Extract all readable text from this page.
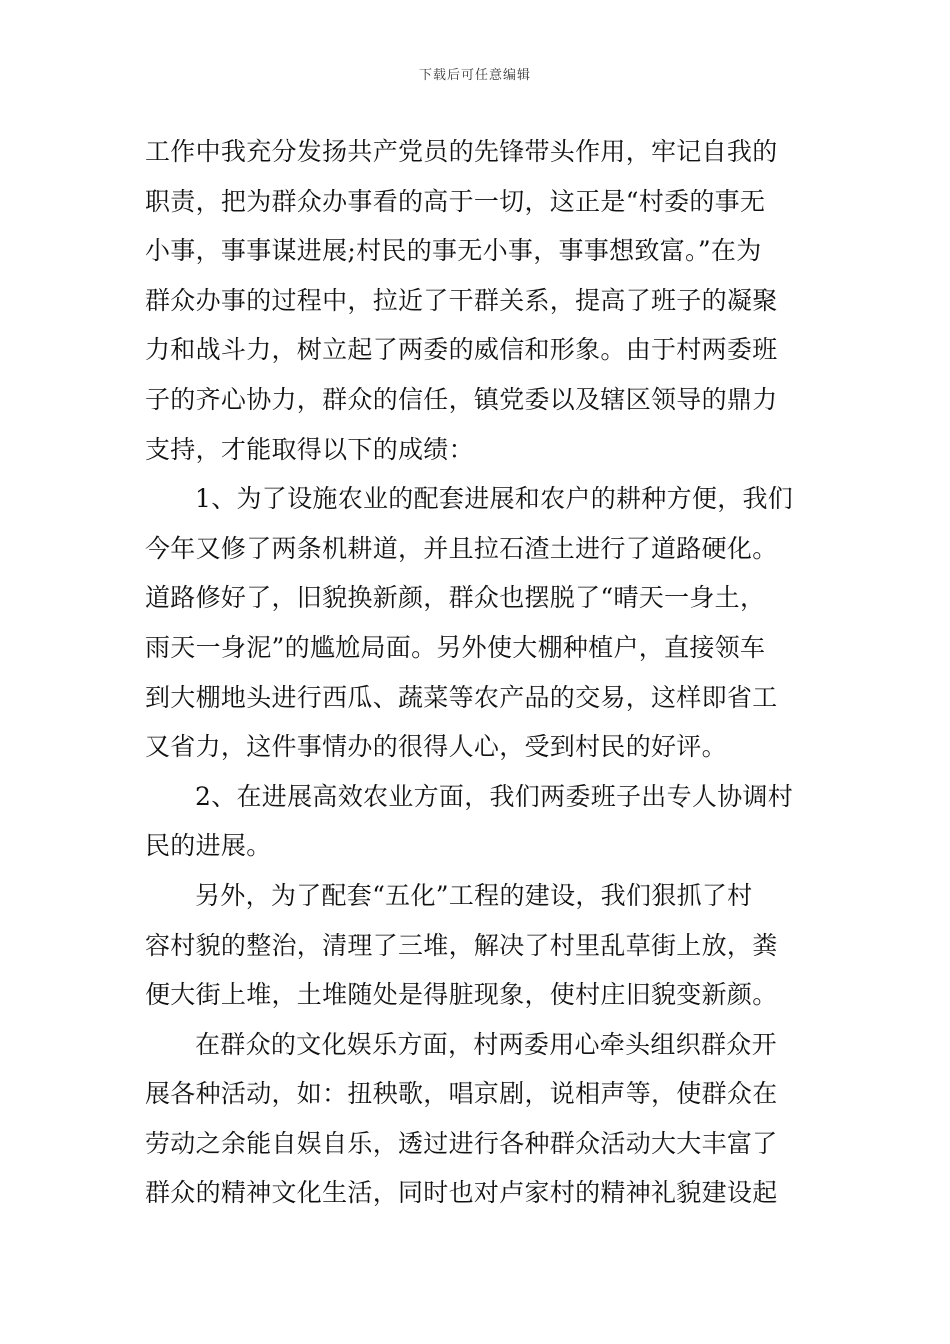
下载后可任意编辑
工作中我充分发扬共产党员的先锋带头作用，牢记自我的
职责，把为群众办事看的高于一切，这正是“村委的事无
小事，事事谋进展;村民的事无小事，事事想致富。”在为
群众办事的过程中，拉近了干群关系，提高了班子的凝聚
力和战斗力，树立起了两委的威信和形象。由于村两委班
子的齐心协力，群众的信任，镇党委以及辖区领导的鼎力
支持，才能取得以下的成绩：
1、为了设施农业的配套进展和农户的耕种方便，我们
今年又修了两条机耕道，并且拉石渣土进行了道路硬化。
道路修好了，旧貌换新颜，群众也摆脱了“晴天一身土，
雨天一身泥”的尴尬局面。另外使大棚种植户，直接领车
到大棚地头进行西瓜、蔬菜等农产品的交易，这样即省工
又省力，这件事情办的很得人心，受到村民的好评。
2、在进展高效农业方面，我们两委班子出专人协调村
民的进展。
另外，为了配套“五化”工程的建设，我们狠抓了村
容村貌的整治，清理了三堆，解决了村里乱草街上放，粪
便大街上堆，土堆随处是得脏现象，使村庄旧貌变新颜。
在群众的文化娱乐方面，村两委用心牵头组织群众开
展各种活动，如：扭秧歌，唱京剧，说相声等，使群众在
劳动之余能自娱自乐，透过进行各种群众活动大大丰富了
群众的精神文化生活，同时也对卢家村的精神礼貌建设起
